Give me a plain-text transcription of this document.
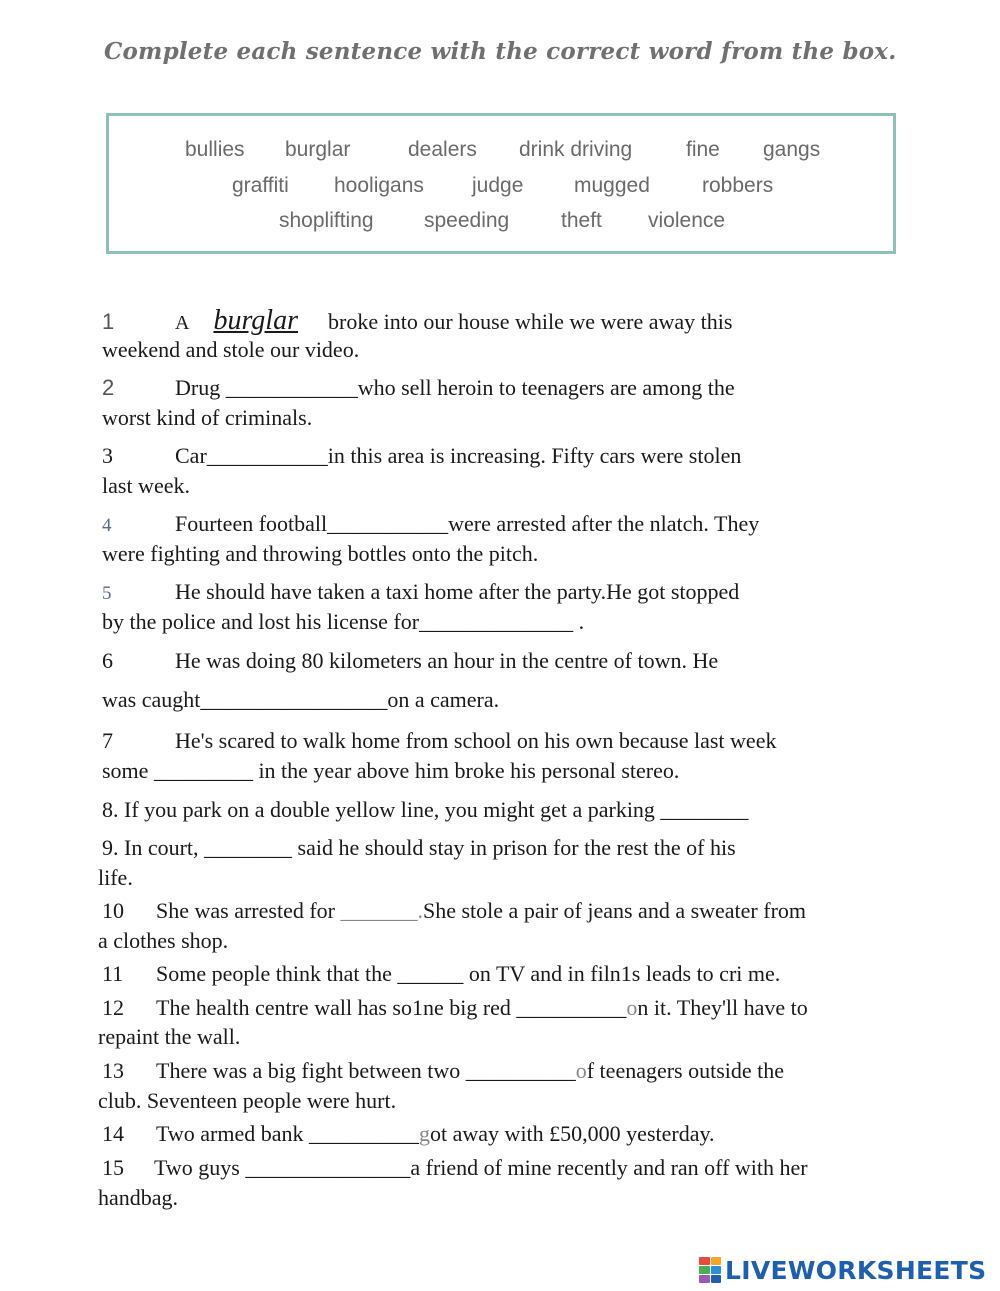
Complete each sentence with the correct word from the box.
bullies burglar	dealers drink driving	fine gangs
graffiti hooligans judge mugged robbers
shoplifting speeding theft violence
1	A burglar broke into our house while we were away this
weekend and stole our video.
2	Drug ____________who sell heroin to teenagers are among the
worst kind of criminals.
3	Car___________in this area is increasing. Fifty cars were stolen
last week.
4	Fourteen football___________were arrested after the nlatch. They
were fighting and throwing bottles onto the pitch.
5	He should have taken a taxi home after the party.He got stopped
by the police and lost his license for______________ .
6	He was doing 80 kilometers an hour in the centre of town. He
was caught_________________on a camera.
7	He's scared to walk home from school on his own because last week
some _________ in the year above him broke his personal stereo.
8. If you park on a double yellow line, you might get a parking ________
9. In court, ________ said he should stay in prison for the rest the of his
life.
10 She was arrested for _______.She stole a pair of jeans and a sweater from
a clothes shop.
11 Some people think that the ______ on TV and in filn1s leads to cri me.
12 The health centre wall has so1ne big red __________on it. They'll have to
repaint the wall.
13 There was a big fight between two __________of teenagers outside the
club. Seventeen people were hurt.
14 Two armed bank __________got away with £50,000 yesterday.
15 Two guys _______________a friend of mine recently and ran off with her
handbag.
LIVEWORKSHEETS
